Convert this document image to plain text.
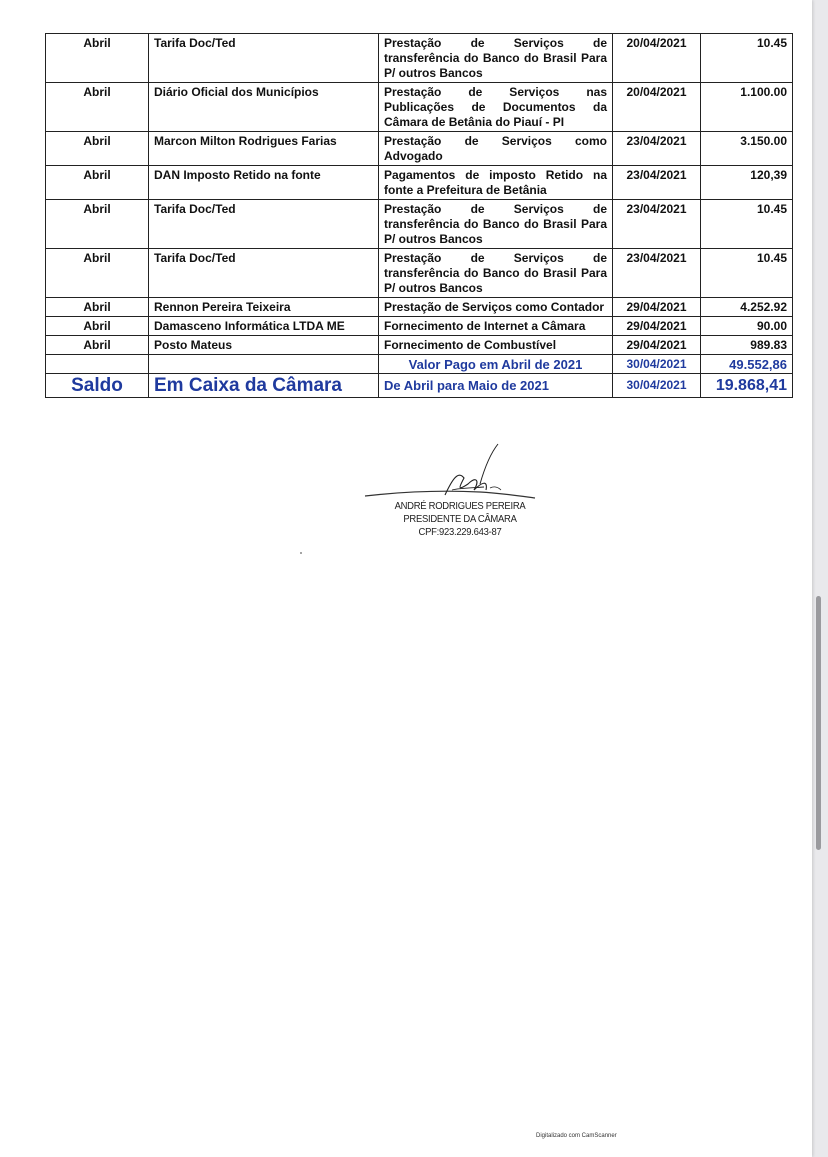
Abril	Tarifa Doc/Ted	Prestação de Serviços de transferência do Banco do Brasil Para P/ outros Bancos	20/04/2021	10.45
Abril	Diário Oficial dos Municípios	Prestação de Serviços nas Publicações de Documentos da Câmara de Betânia do Piauí - PI	20/04/2021	1.100.00
Abril	Marcon Milton Rodrigues Farias	Prestação de Serviços como Advogado	23/04/2021	3.150.00
Abril	DAN Imposto Retido na fonte	Pagamentos de imposto Retido na fonte a Prefeitura de Betânia	23/04/2021	120,39
Abril	Tarifa Doc/Ted	Prestação de Serviços de transferência do Banco do Brasil Para P/ outros Bancos	23/04/2021	10.45
Abril	Tarifa Doc/Ted	Prestação de Serviços de transferência do Banco do Brasil Para P/ outros Bancos	23/04/2021	10.45
Abril	Rennon Pereira Teixeira	Prestação de Serviços como Contador	29/04/2021	4.252.92
Abril	Damasceno Informática LTDA ME	Fornecimento de Internet a Câmara	29/04/2021	90.00
Abril	Posto Mateus	Fornecimento de Combustível	29/04/2021	989.83
		Valor Pago em Abril de 2021	30/04/2021	49.552,86
Saldo	Em Caixa da Câmara	De Abril para Maio de 2021	30/04/2021	19.868,41
ANDRÉ RODRIGUES PEREIRA
PRESIDENTE DA CÂMARA
CPF:923.229.643-87
Digitalizado com CamScanner
